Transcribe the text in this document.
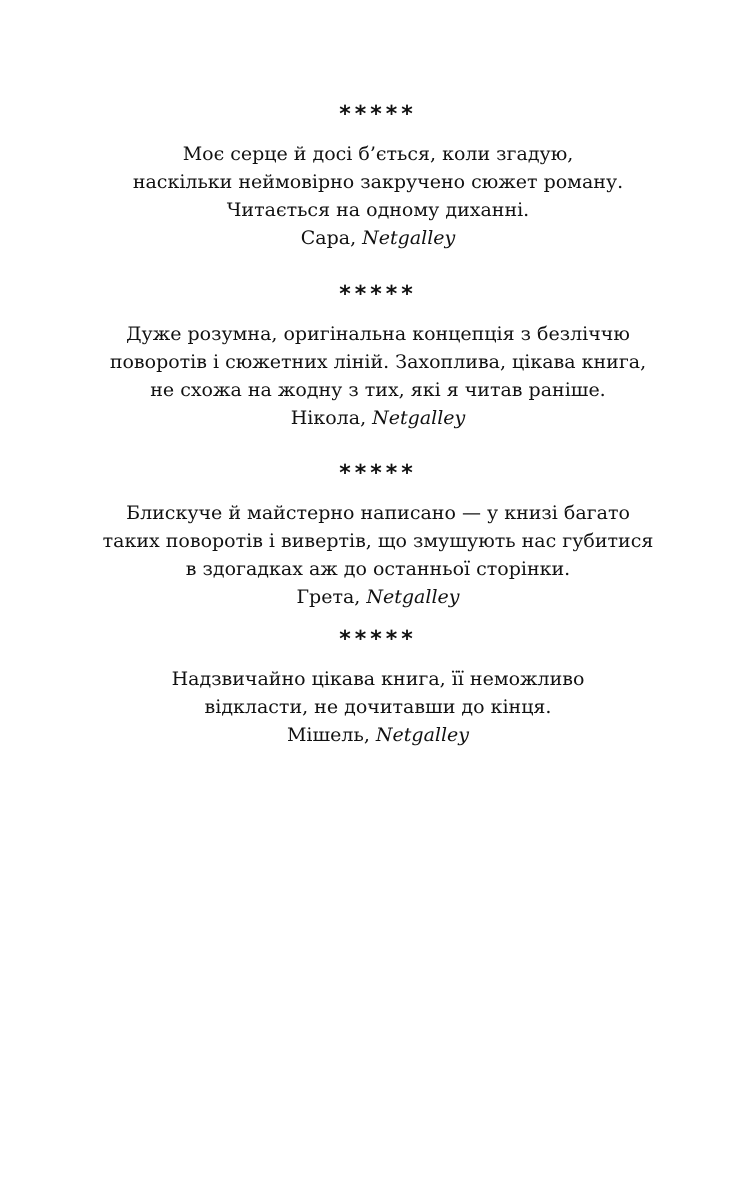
*****
Моє серце й досі б’ється, коли згадую,
наскільки неймовірно закручено сюжет роману.
Читається на одному диханні.
Сара, Netgalley
*****
Дуже розумна, оригінальна концепція з безліччю
поворотів і сюжетних ліній. Захоплива, цікава книга,
не схожа на жодну з тих, які я читав раніше.
Нікола, Netgalley
*****
Блискуче й майстерно написано — у книзі багато
таких поворотів і вивертів, що змушують нас губитися
в здогадках аж до останньої сторінки.
Грета, Netgalley
*****
Надзвичайно цікава книга, її неможливо
відкласти, не дочитавши до кінця.
Мішель, Netgalley
